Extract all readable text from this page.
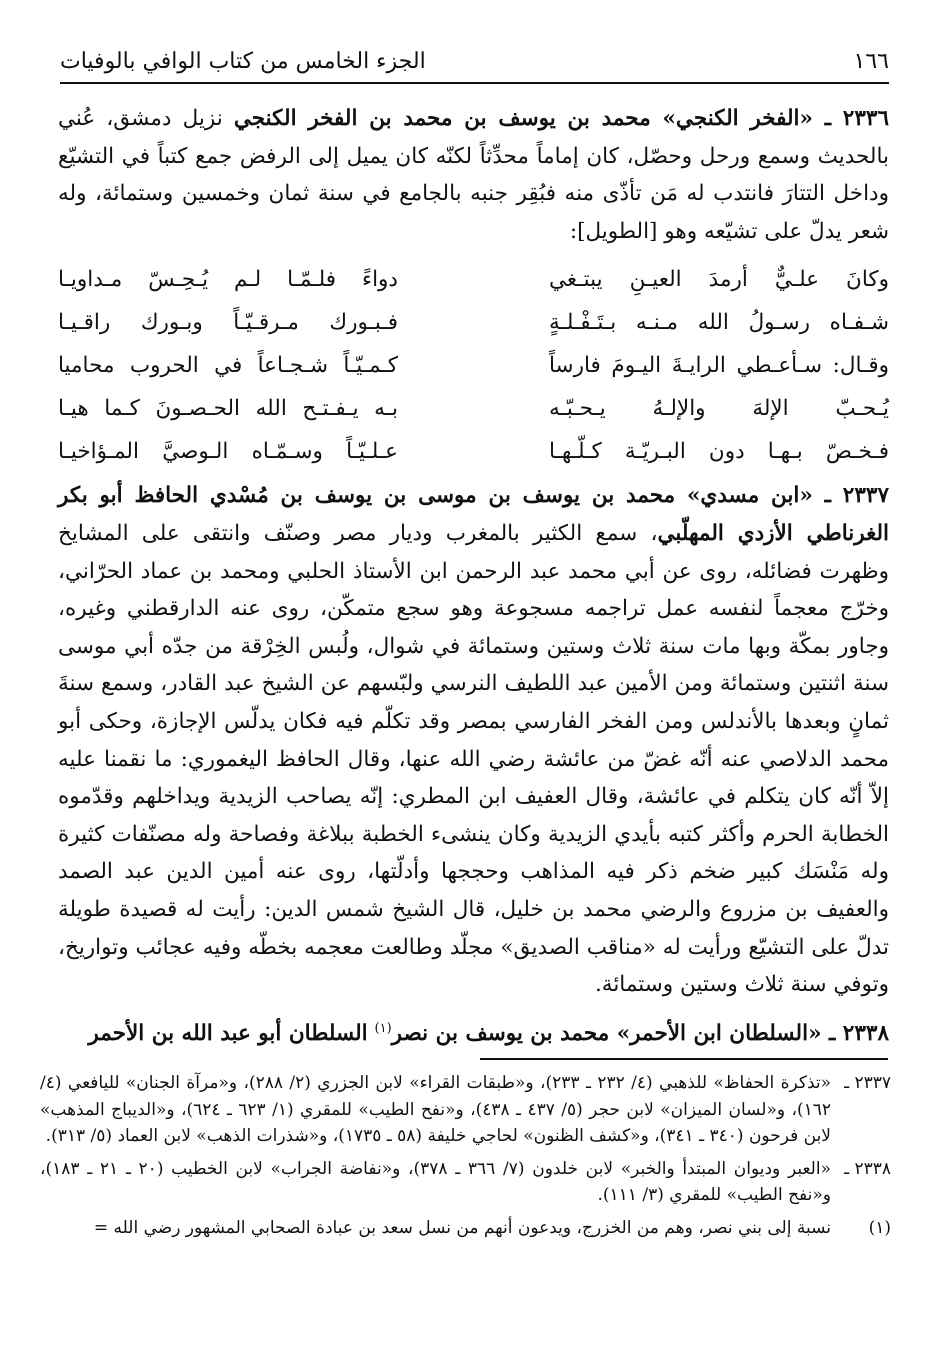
١٦٦
الجزء الخامس من كتاب الوافي بالوفيات

٢٣٣٦ ـ «الفخر الكنجي» محمد بن يوسف بن محمد بن الفخر الكنجي نزيل دمشق، عُني بالحديث وسمع ورحل وحصّل، كان إماماً محدِّثاً لكنّه كان يميل إلى الرفض جمع كتباً في التشيّع وداخل التتارَ فانتدب له مَن تأذّى منه فبُقِر جنبه بالجامع في سنة ثمان وخمسين وستمائة، وله شعر يدلّ على تشيّعه وهو [الطويل]:

وكانَ علـيٌّ أرمدَ العيـنِ يبتـغي
دواءً فلـمّـا لـم يُـحِـسّ مـداويـا
شـفـاه رسـولُ الله مـنـه بـتَـفْـلـةٍ
فـبـورك مـرقـيّـاً وبـورك راقـيـا
وقـال: سـأعـطي الرايـةَ اليـومَ فارساً
كـمـيّـاً شـجـاعاً في الحروب محاميا
يُـحـبّ الإلهَ والإلـهُ يـحـبّـه
بـه يـفـتـح الله الحـصـونَ كـما هيـا
فـخـصّ بـهـا دون البـريّـة كـلّـهـا
عـلـيّـاً وسـمّـاه الـوصيَّ المـؤاخيـا

٢٣٣٧ ـ «ابن مسدي» محمد بن يوسف بن موسى بن يوسف بن مُسْدي الحافظ أبو بكر الغرناطي الأزدي المهلّبي، سمع الكثير بالمغرب وديار مصر وصنّف وانتقى على المشايخ وظهرت فضائله، روى عن أبي محمد عبد الرحمن ابن الأستاذ الحلبي ومحمد بن عماد الحرّاني، وخرّج معجماً لنفسه عمل تراجمه مسجوعة وهو سجع متمكّن، روى عنه الدارقطني وغيره، وجاور بمكّة وبها مات سنة ثلاث وستين وستمائة في شوال، ولُبس الخِرْقة من جدّه أبي موسى سنة اثنتين وستمائة ومن الأمين عبد اللطيف النرسي ولبّسهم عن الشيخ عبد القادر، وسمع سنةَ ثمانٍ وبعدها بالأندلس ومن الفخر الفارسي بمصر وقد تكلّم فيه فكان يدلّس الإجازة، وحكى أبو محمد الدلاصي عنه أنّه غضّ من عائشة رضي الله عنها، وقال الحافظ اليغموري: ما نقمنا عليه إلاّ أنّه كان يتكلم في عائشة، وقال العفيف ابن المطري: إنّه يصاحب الزيدية ويداخلهم وقدّموه الخطابة الحرم وأكثر كتبه بأيدي الزيدية وكان ينشىء الخطبة ببلاغة وفصاحة وله مصنّفات كثيرة وله مَنْسَك كبير ضخم ذكر فيه المذاهب وحججها وأدلّتها، روى عنه أمين الدين عبد الصمد والعفيف بن مزروع والرضي محمد بن خليل، قال الشيخ شمس الدين: رأيت له قصيدة طويلة تدلّ على التشيّع ورأيت له «مناقب الصديق» مجلّد وطالعت معجمه بخطّه وفيه عجائب وتواريخ، وتوفي سنة ثلاث وستين وستمائة.

٢٣٣٨ ـ «السلطان ابن الأحمر» محمد بن يوسف بن نصر$^{(١)}$ السلطان أبو عبد الله بن الأحمر

٢٣٣٧ ـ
«تذكرة الحفاظ» للذهبي (٤/ ٢٣٢ ـ ٢٣٣)، و«طبقات القراء» لابن الجزري (٢/ ٢٨٨)، و«مرآة الجنان» لليافعي (٤/ ١٦٢)، و«لسان الميزان» لابن حجر (٥/ ٤٣٧ ـ ٤٣٨)، و«نفح الطيب» للمقري (١/ ٦٢٣ ـ ٦٢٤)، و«الديباج المذهب» لابن فرحون (٣٤٠ ـ ٣٤١)، و«كشف الظنون» لحاجي خليفة (٥٨ ـ ١٧٣٥)، و«شذرات الذهب» لابن العماد (٥/ ٣١٣).
٢٣٣٨ ـ
«العبر وديوان المبتدأ والخبر» لابن خلدون (٧/ ٣٦٦ ـ ٣٧٨)، و«نفاضة الجراب» لابن الخطيب (٢٠ ـ ٢١ ـ ١٨٣)، و«نفح الطيب» للمقري (٣/ ١١١).
(١)
نسبة إلى بني نصر، وهم من الخزرج، ويدعون أنهم من نسل سعد بن عبادة الصحابي المشهور رضي الله =
